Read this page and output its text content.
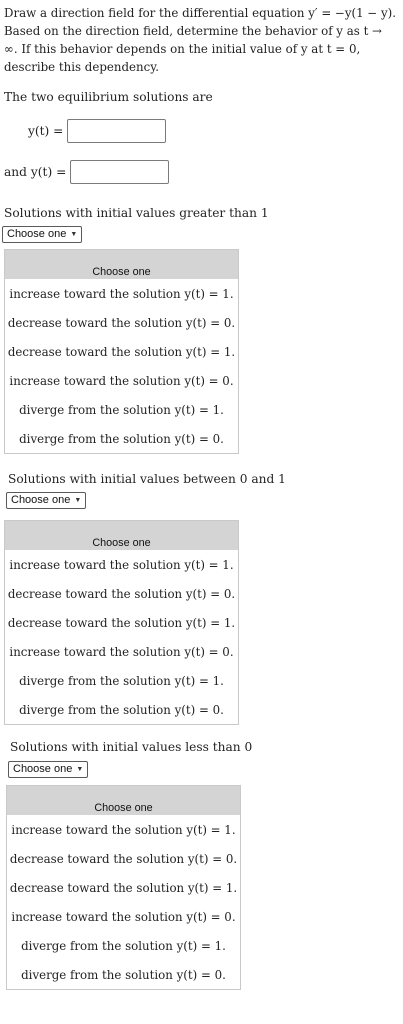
Draw a direction field for the differential equation y′ = −y(1 − y). Based on the direction field, determine the behavior of y as t → ∞. If this behavior depends on the initial value of y at t = 0, describe this dependency.
The two equilibrium solutions are
y(t) =
and y(t) =
Solutions with initial values greater than 1
Choose one ▼
Choose one
increase toward the solution y(t) = 1.
decrease toward the solution y(t) = 0.
decrease toward the solution y(t) = 1.
increase toward the solution y(t) = 0.
diverge from the solution y(t) = 1.
diverge from the solution y(t) = 0.
Solutions with initial values between 0 and 1
Choose one ▼
Choose one
increase toward the solution y(t) = 1.
decrease toward the solution y(t) = 0.
decrease toward the solution y(t) = 1.
increase toward the solution y(t) = 0.
diverge from the solution y(t) = 1.
diverge from the solution y(t) = 0.
Solutions with initial values less than 0
Choose one ▼
Choose one
increase toward the solution y(t) = 1.
decrease toward the solution y(t) = 0.
decrease toward the solution y(t) = 1.
increase toward the solution y(t) = 0.
diverge from the solution y(t) = 1.
diverge from the solution y(t) = 0.
